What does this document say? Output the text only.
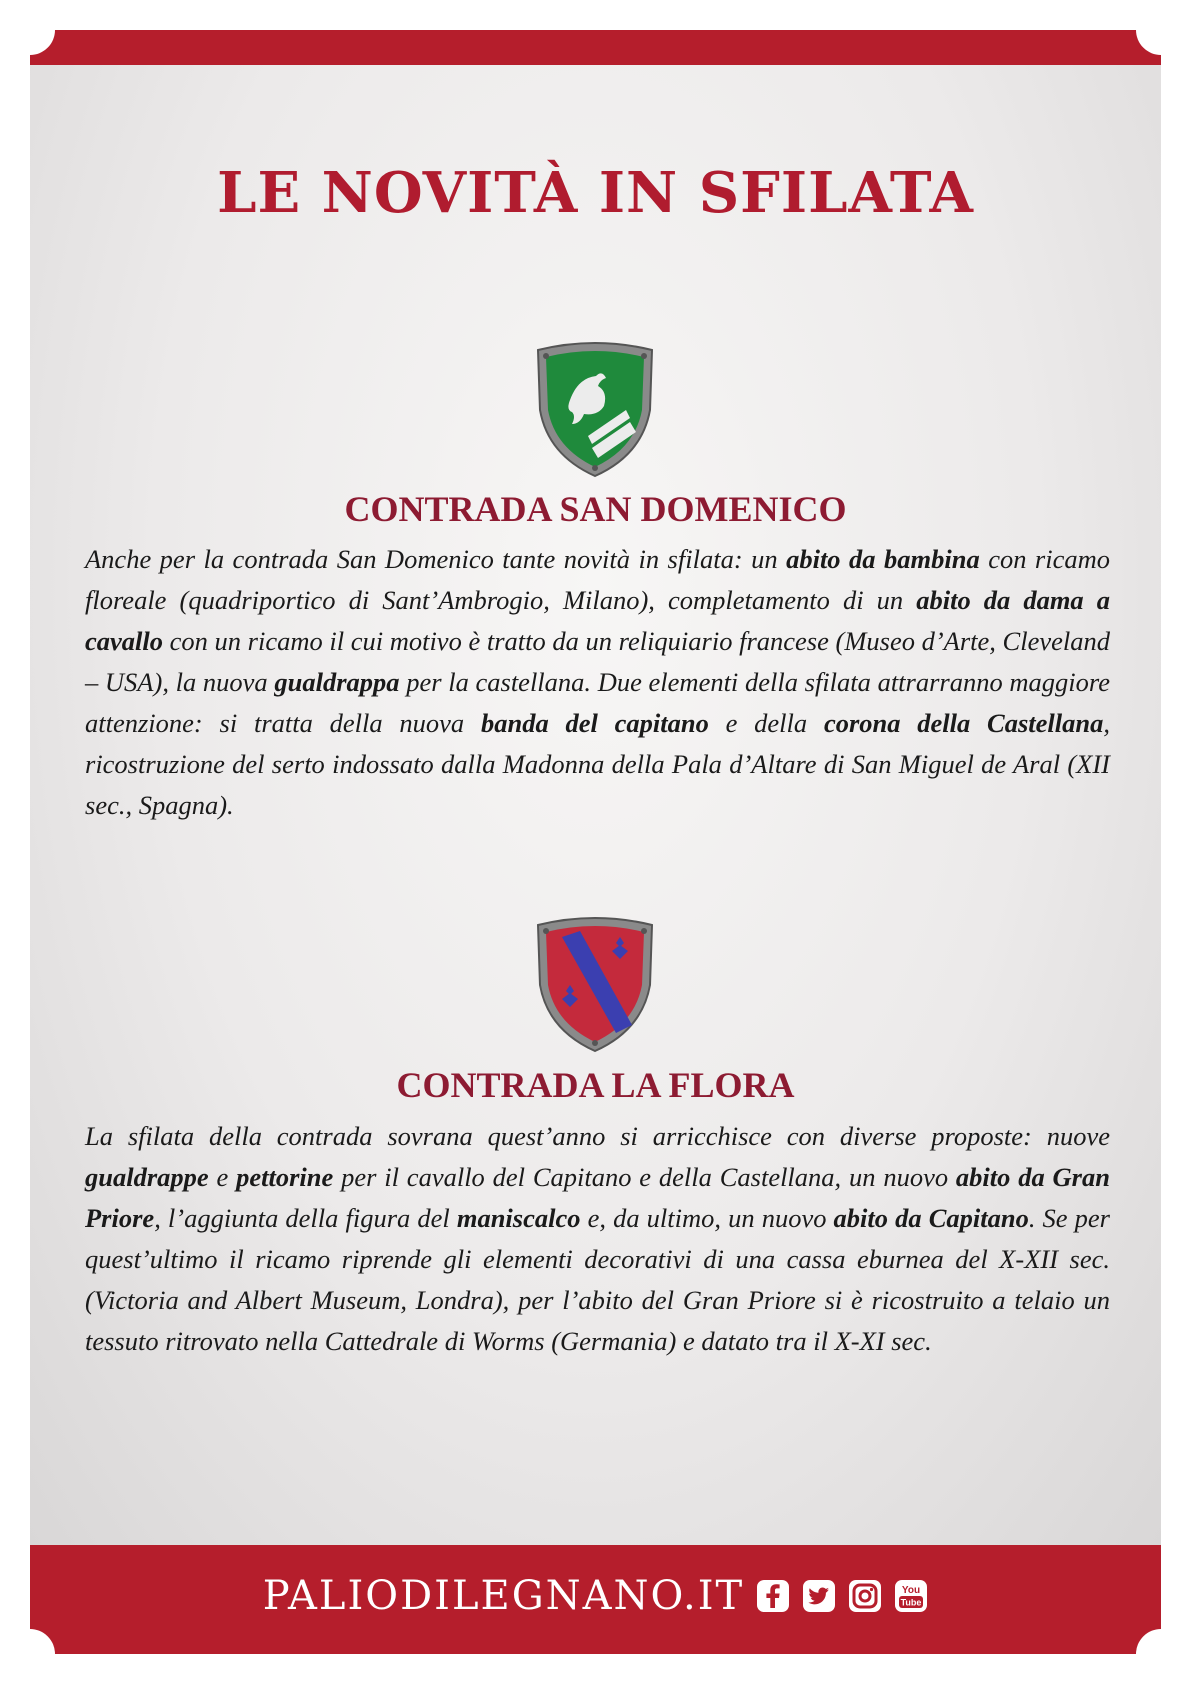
LE NOVITÀ IN SFILATA
CONTRADA SAN DOMENICO

Anche per la contrada San Domenico tante novità in sfilata: un abito da bambina con ricamo floreale (quadriportico di Sant’Ambrogio, Milano), completamento di un abito da dama a cavallo con un ricamo il cui motivo è tratto da un reliquiario francese (Museo d’Arte, Cleveland – USA), la nuova gualdrappa per la castellana. Due elementi della sfilata attrarranno maggiore attenzione: si tratta della nuova banda del capitano e della corona della Castellana, ricostruzione del serto indossato dalla Madonna della Pala d’Altare di San Miguel de Aral (XII sec., Spagna).

CONTRADA LA FLORA

La sfilata della contrada sovrana quest’anno si arricchisce con diverse proposte: nuove gualdrappe e pettorine per il cavallo del Capitano e della Castellana, un nuovo abito da Gran Priore, l’aggiunta della figura del maniscalco e, da ultimo, un nuovo abito da Capitano. Se per quest’ultimo il ricamo riprende gli elementi decorativi di una cassa eburnea del X-XII sec. (Victoria and Albert Museum, Londra), per l’abito del Gran Priore si è ricostruito a telaio un tessuto ritrovato nella Cattedrale di Worms (Germania) e datato tra il X-XI sec.

PALIODILEGNANO.IT	You
Tube
